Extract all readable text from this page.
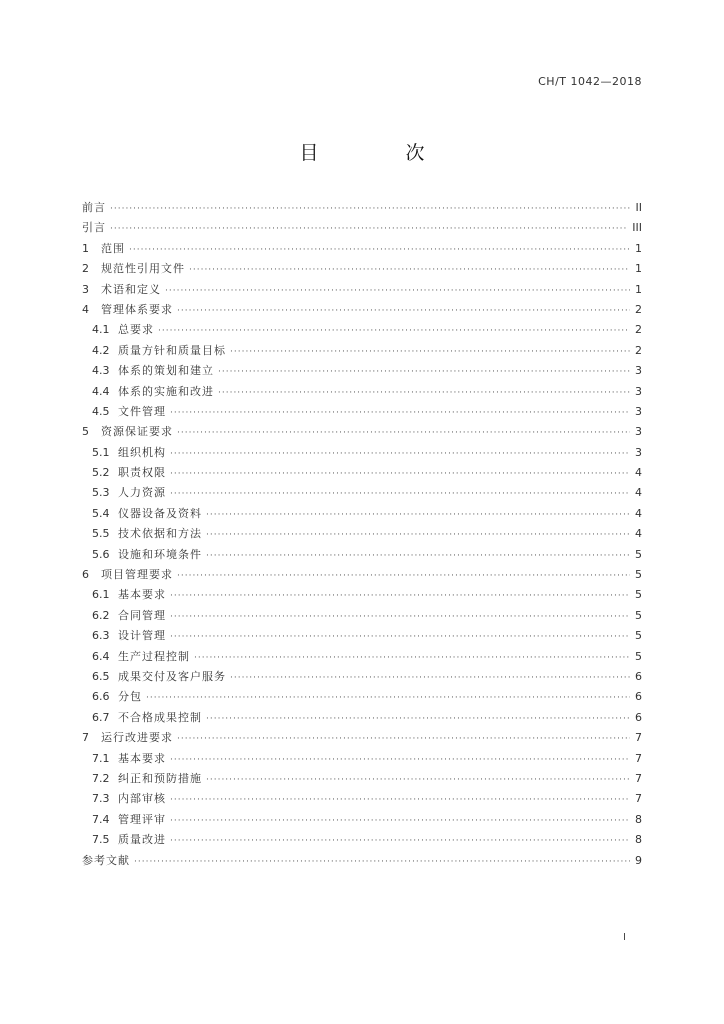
CH/T 1042—2018
目　次
前言 ·····	II
引言 ·····	III
1	范围 ·····	1
2	规范性引用文件 ·····	1
3	术语和定义 ·····	1
4	管理体系要求 ·····	2
4.1 总要求 ·····	2
4.2 质量方针和质量目标 ·····	2
4.3 体系的策划和建立 ·····	3
4.4 体系的实施和改进 ·····	3
4.5 文件管理 ·····	3
5	资源保证要求 ·····	3
5.1 组织机构 ·····	3
5.2 职责权限 ·····	4
5.3 人力资源 ·····	4
5.4 仪器设备及资料 ·····	4
5.5 技术依据和方法 ·····	4
5.6 设施和环境条件 ·····	5
6	项目管理要求 ·····	5
6.1 基本要求 ·····	5
6.2 合同管理 ·····	5
6.3 设计管理 ·····	5
6.4 生产过程控制 ·····	5
6.5 成果交付及客户服务 ·····	6
6.6 分包 ·····	6
6.7 不合格成果控制 ·····	6
7	运行改进要求 ·····	7
7.1 基本要求 ·····	7
7.2 纠正和预防措施 ·····	7
7.3 内部审核 ·····	7
7.4 管理评审 ·····	8
7.5 质量改进 ·····	8
参考文献 ·····	9
I
